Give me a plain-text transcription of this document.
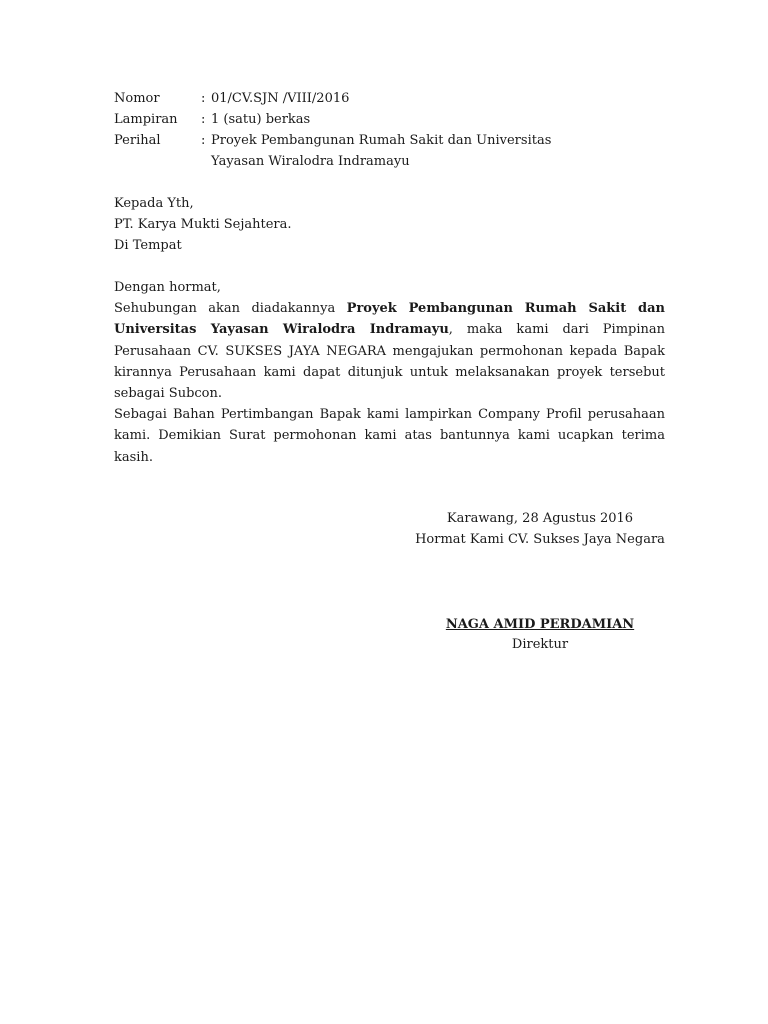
Nomor	: 01/CV.SJN /VIII/2016
Lampiran : 1 (satu) berkas
Perihal	: Proyek Pembangunan Rumah Sakit dan Universitas
Yayasan Wiralodra Indramayu
Kepada Yth,
PT. Karya Mukti Sejahtera.
Di Tempat
Dengan hormat,
Sehubungan akan diadakannya Proyek Pembangunan Rumah Sakit dan Universitas Yayasan Wiralodra Indramayu, maka kami dari Pimpinan Perusahaan CV. SUKSES JAYA NEGARA mengajukan permohonan kepada Bapak kirannya Perusahaan kami dapat ditunjuk untuk melaksanakan proyek tersebut sebagai Subcon.
Sebagai Bahan Pertimbangan Bapak kami lampirkan Company Profil perusahaan kami. Demikian Surat permohonan kami atas bantunnya kami ucapkan terima kasih.
Karawang, 28 Agustus 2016
Hormat Kami CV. Sukses Jaya Negara
NAGA AMID PERDAMIAN
Direktur
